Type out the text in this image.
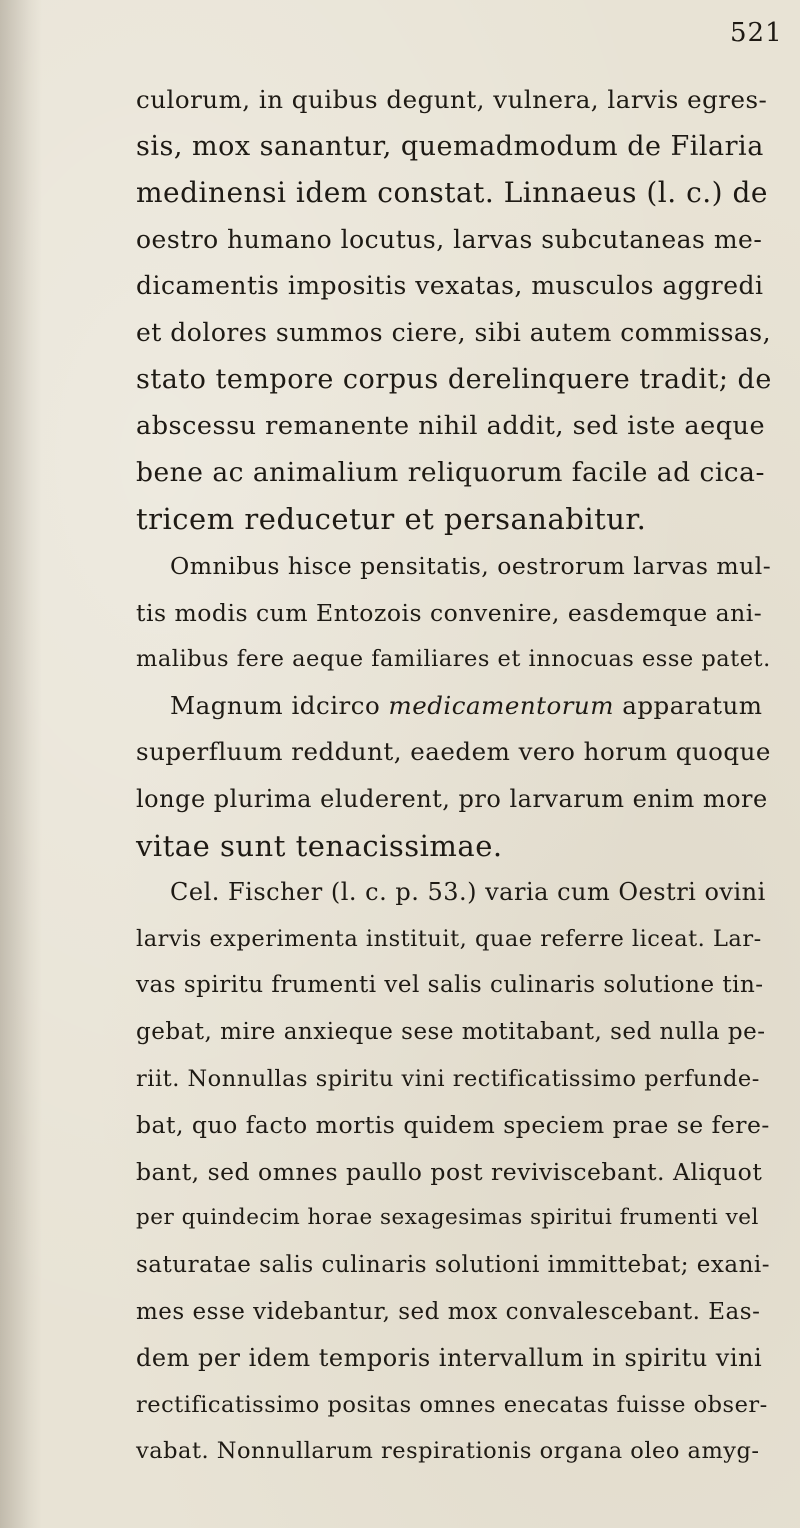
521
culorum, in quibus degunt, vulnera, larvis egres-
sis, mox sanantur, quemadmodum de Filaria
medinensi idem constat. Linnaeus (l. c.) de
oestro humano locutus, larvas subcutaneas me-
dicamentis impositis vexatas, musculos aggredi
et dolores summos ciere, sibi autem commissas,
stato tempore corpus derelinquere tradit; de
abscessu remanente nihil addit, sed iste aeque
bene ac animalium reliquorum facile ad cica-
tricem reducetur et persanabitur.
Omnibus hisce pensitatis, oestrorum larvas mul-
tis modis cum Entozois convenire, easdemque ani-
malibus fere aeque familiares et innocuas esse patet.
Magnum idcirco medicamentorum apparatum
superfluum reddunt, eaedem vero horum quoque
longe plurima eluderent, pro larvarum enim more
vitae sunt tenacissimae.
Cel. Fischer (l. c. p. 53.) varia cum Oestri ovini
larvis experimenta instituit, quae referre liceat. Lar-
vas spiritu frumenti vel salis culinaris solutione tin-
gebat, mire anxieque sese motitabant, sed nulla pe-
riit. Nonnullas spiritu vini rectificatissimo perfunde-
bat, quo facto mortis quidem speciem prae se fere-
bant, sed omnes paullo post reviviscebant. Aliquot
per quindecim horae sexagesimas spiritui frumenti vel
saturatae salis culinaris solutioni immittebat; exani-
mes esse videbantur, sed mox convalescebant. Eas-
dem per idem temporis intervallum in spiritu vini
rectificatissimo positas omnes enecatas fuisse obser-
vabat. Nonnullarum respirationis organa oleo amyg-
